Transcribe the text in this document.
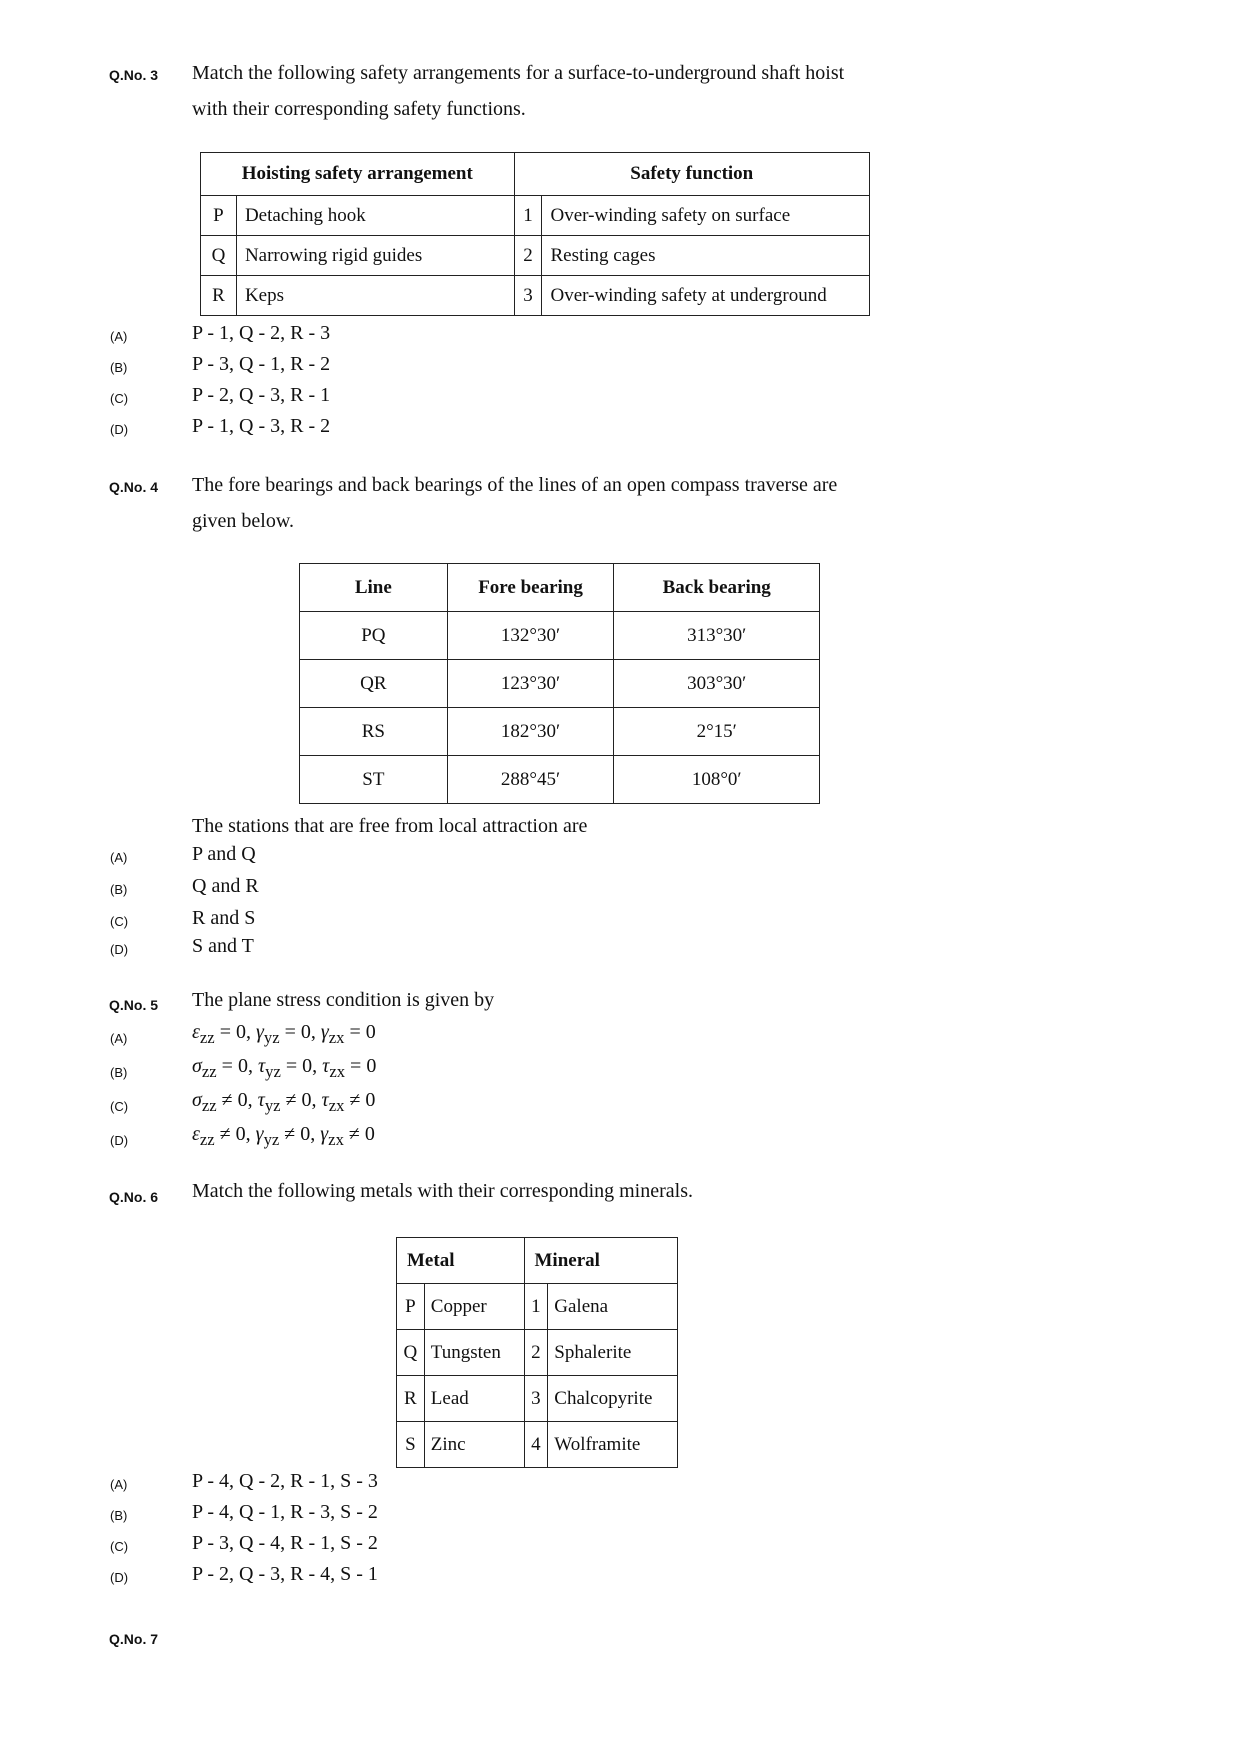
Q.No. 3 Match the following safety arrangements for a surface-to-underground shaft hoist
with their corresponding safety functions.
Hoisting safety arrangement		Safety function	
P	Detaching hook	1	Over-winding safety on surface
Q	Narrowing rigid guides	2	Resting cages
R	Keps	3	Over-winding safety at underground
(A)	P - 1, Q - 2, R - 3
(B)	P - 3, Q - 1, R - 2
(C)	P - 2, Q - 3, R - 1
(D)	P - 1, Q - 3, R - 2
Q.No. 4 The fore bearings and back bearings of the lines of an open compass traverse are
given below.
Line	Fore bearing	Back bearing
PQ	132°30′	313°30′
QR	123°30′	303°30′
RS	182°30′	2°15′
ST	288°45′	108°0′
The stations that are free from local attraction are
(A)	P and Q
(B)	Q and R
(C)	R and S
(D)	S and T
Q.No. 5 The plane stress condition is given by
(A)	$\varepsilon_{zz} = 0$, $\gamma_{yz} = 0$, $\gamma_{zx} = 0$
(B)	$\sigma_{zz} = 0$, $\tau_{yz} = 0$, $\tau_{zx} = 0$
(C)	$\sigma_{zz} \ne 0$, $\tau_{yz} \ne 0$, $\tau_{zx} \ne 0$
(D)	$\varepsilon_{zz} \ne 0$, $\gamma_{yz} \ne 0$, $\gamma_{zx} \ne 0$
Q.No. 6 Match the following metals with their corresponding minerals.
Metal		Mineral	
P	Copper	1	Galena
Q	Tungsten	2	Sphalerite
R	Lead	3	Chalcopyrite
S	Zinc	4	Wolframite
(A)	P - 4, Q - 2, R - 1, S - 3
(B)	P - 4, Q - 1, R - 3, S - 2
(C)	P - 3, Q - 4, R - 1, S - 2
(D)	P - 2, Q - 3, R - 4, S - 1
Q.No. 7
